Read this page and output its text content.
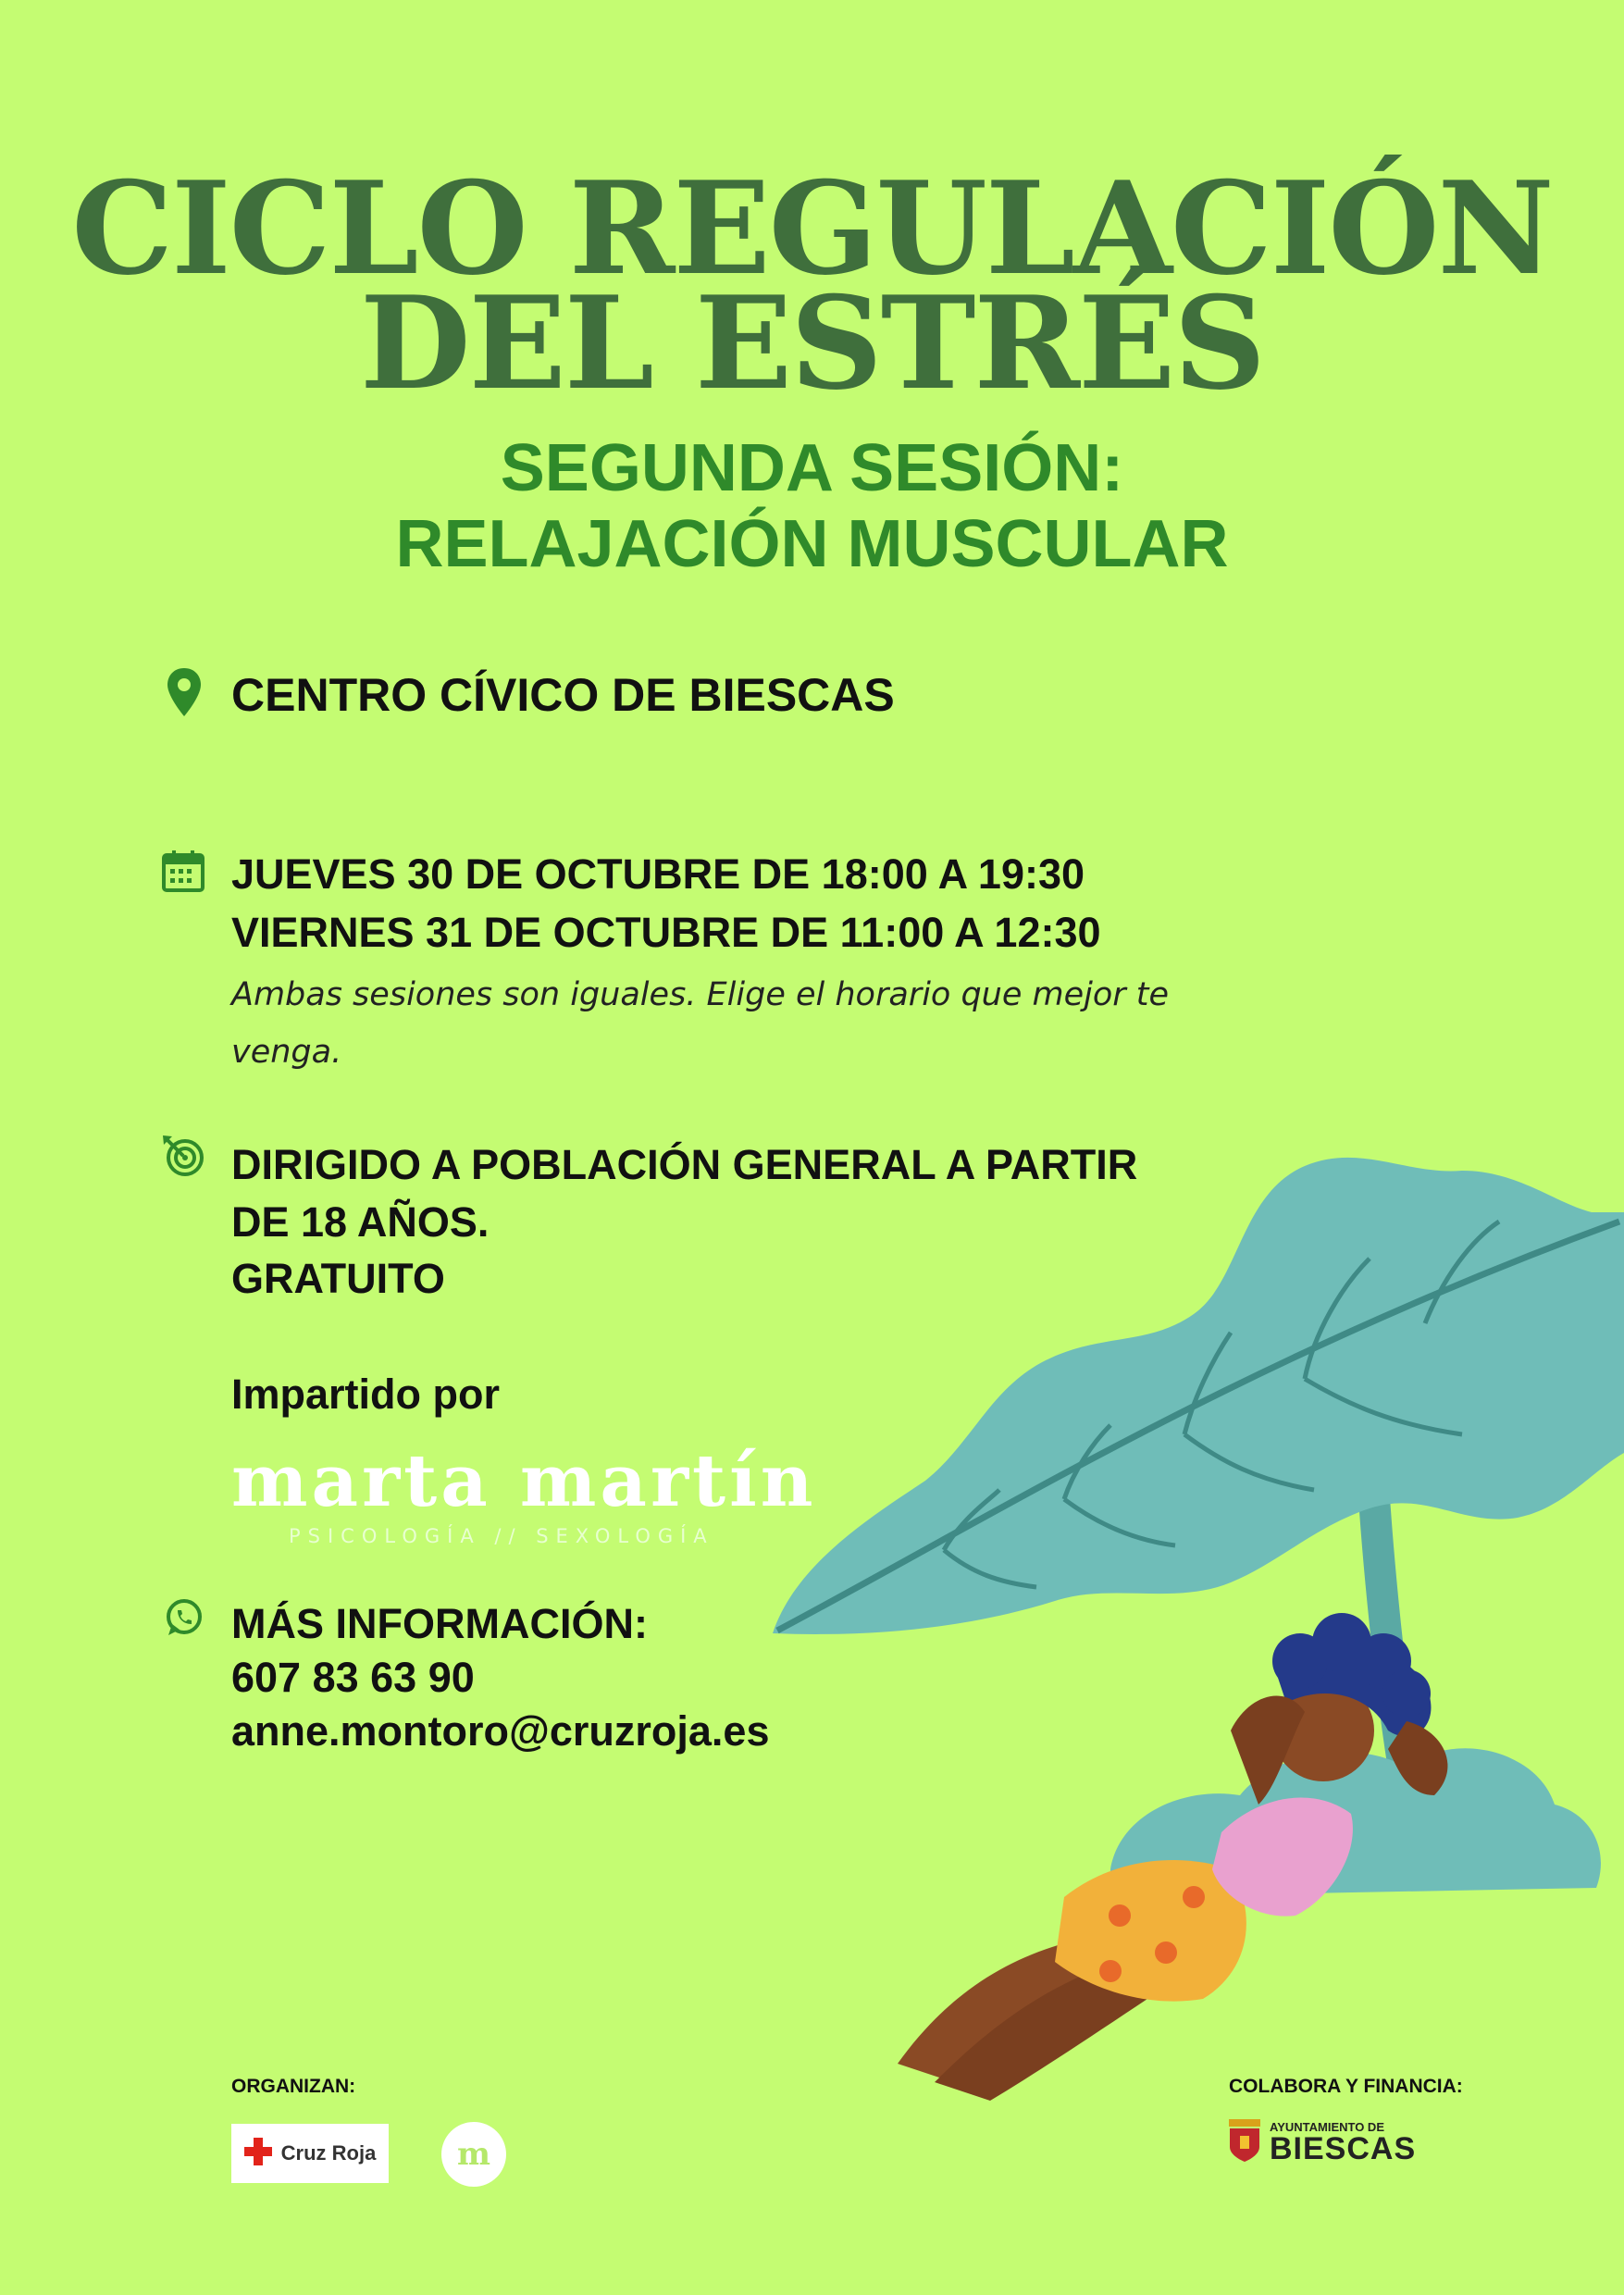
CICLO REGULACIÓN
DEL ESTRÉS
SEGUNDA SESIÓN:
RELAJACIÓN MUSCULAR
CENTRO CÍVICO DE BIESCAS
JUEVES 30 DE OCTUBRE DE 18:00 A 19:30
VIERNES 31 DE OCTUBRE DE 11:00 A 12:30
Ambas sesiones son iguales. Elige el horario que mejor te
venga.
DIRIGIDO A POBLACIÓN GENERAL A PARTIR
DE 18 AÑOS.
GRATUITO
Impartido por
marta martín
PSICOLOGÍA // SEXOLOGÍA
MÁS INFORMACIÓN:
607 83 63 90
anne.montoro@cruzroja.es
ORGANIZAN:
Cruz Roja	m
COLABORA Y FINANCIA:
AYUNTAMIENTO DE
BIESCAS
